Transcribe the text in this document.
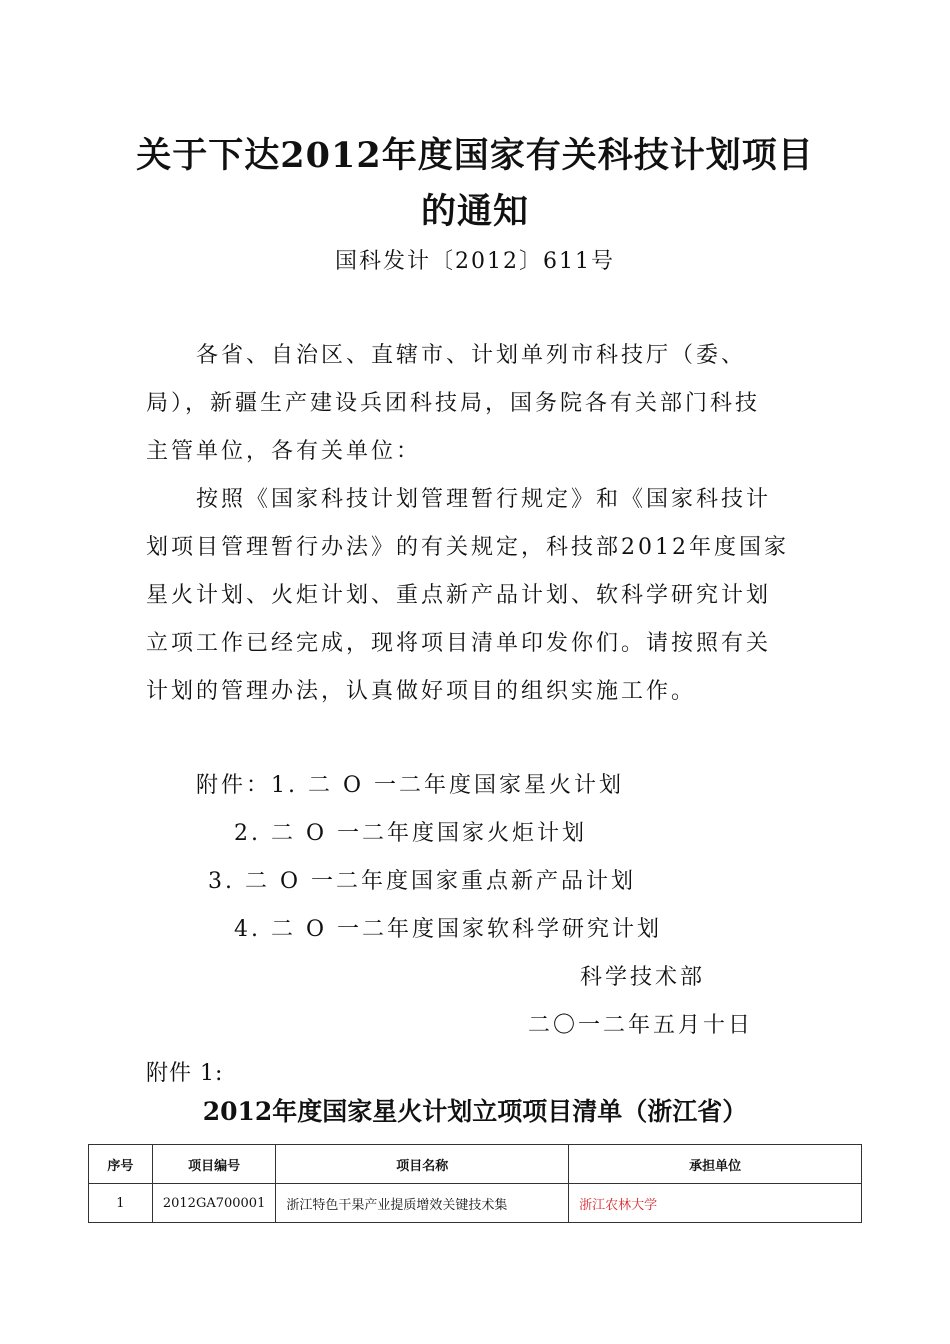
关于下达2012年度国家有关科技计划项目
的通知
国科发计〔2012〕611号
各省、自治区、直辖市、计划单列市科技厅（委、
局），新疆生产建设兵团科技局，国务院各有关部门科技
主管单位，各有关单位：
按照《国家科技计划管理暂行规定》和《国家科技计
划项目管理暂行办法》的有关规定，科技部2012年度国家
星火计划、火炬计划、重点新产品计划、软科学研究计划
立项工作已经完成，现将项目清单印发你们。请按照有关
计划的管理办法，认真做好项目的组织实施工作。
附件：1. 二 O 一二年度国家星火计划
2. 二 O 一二年度国家火炬计划
3. 二 O 一二年度国家重点新产品计划
4. 二 O 一二年度国家软科学研究计划
科学技术部
二〇一二年五月十日
附件 1:
2012年度国家星火计划立项项目清单（浙江省）
序号	项目编号	项目名称	承担单位
1	2012GA700001	浙江特色干果产业提质增效关键技术集	浙江农林大学
